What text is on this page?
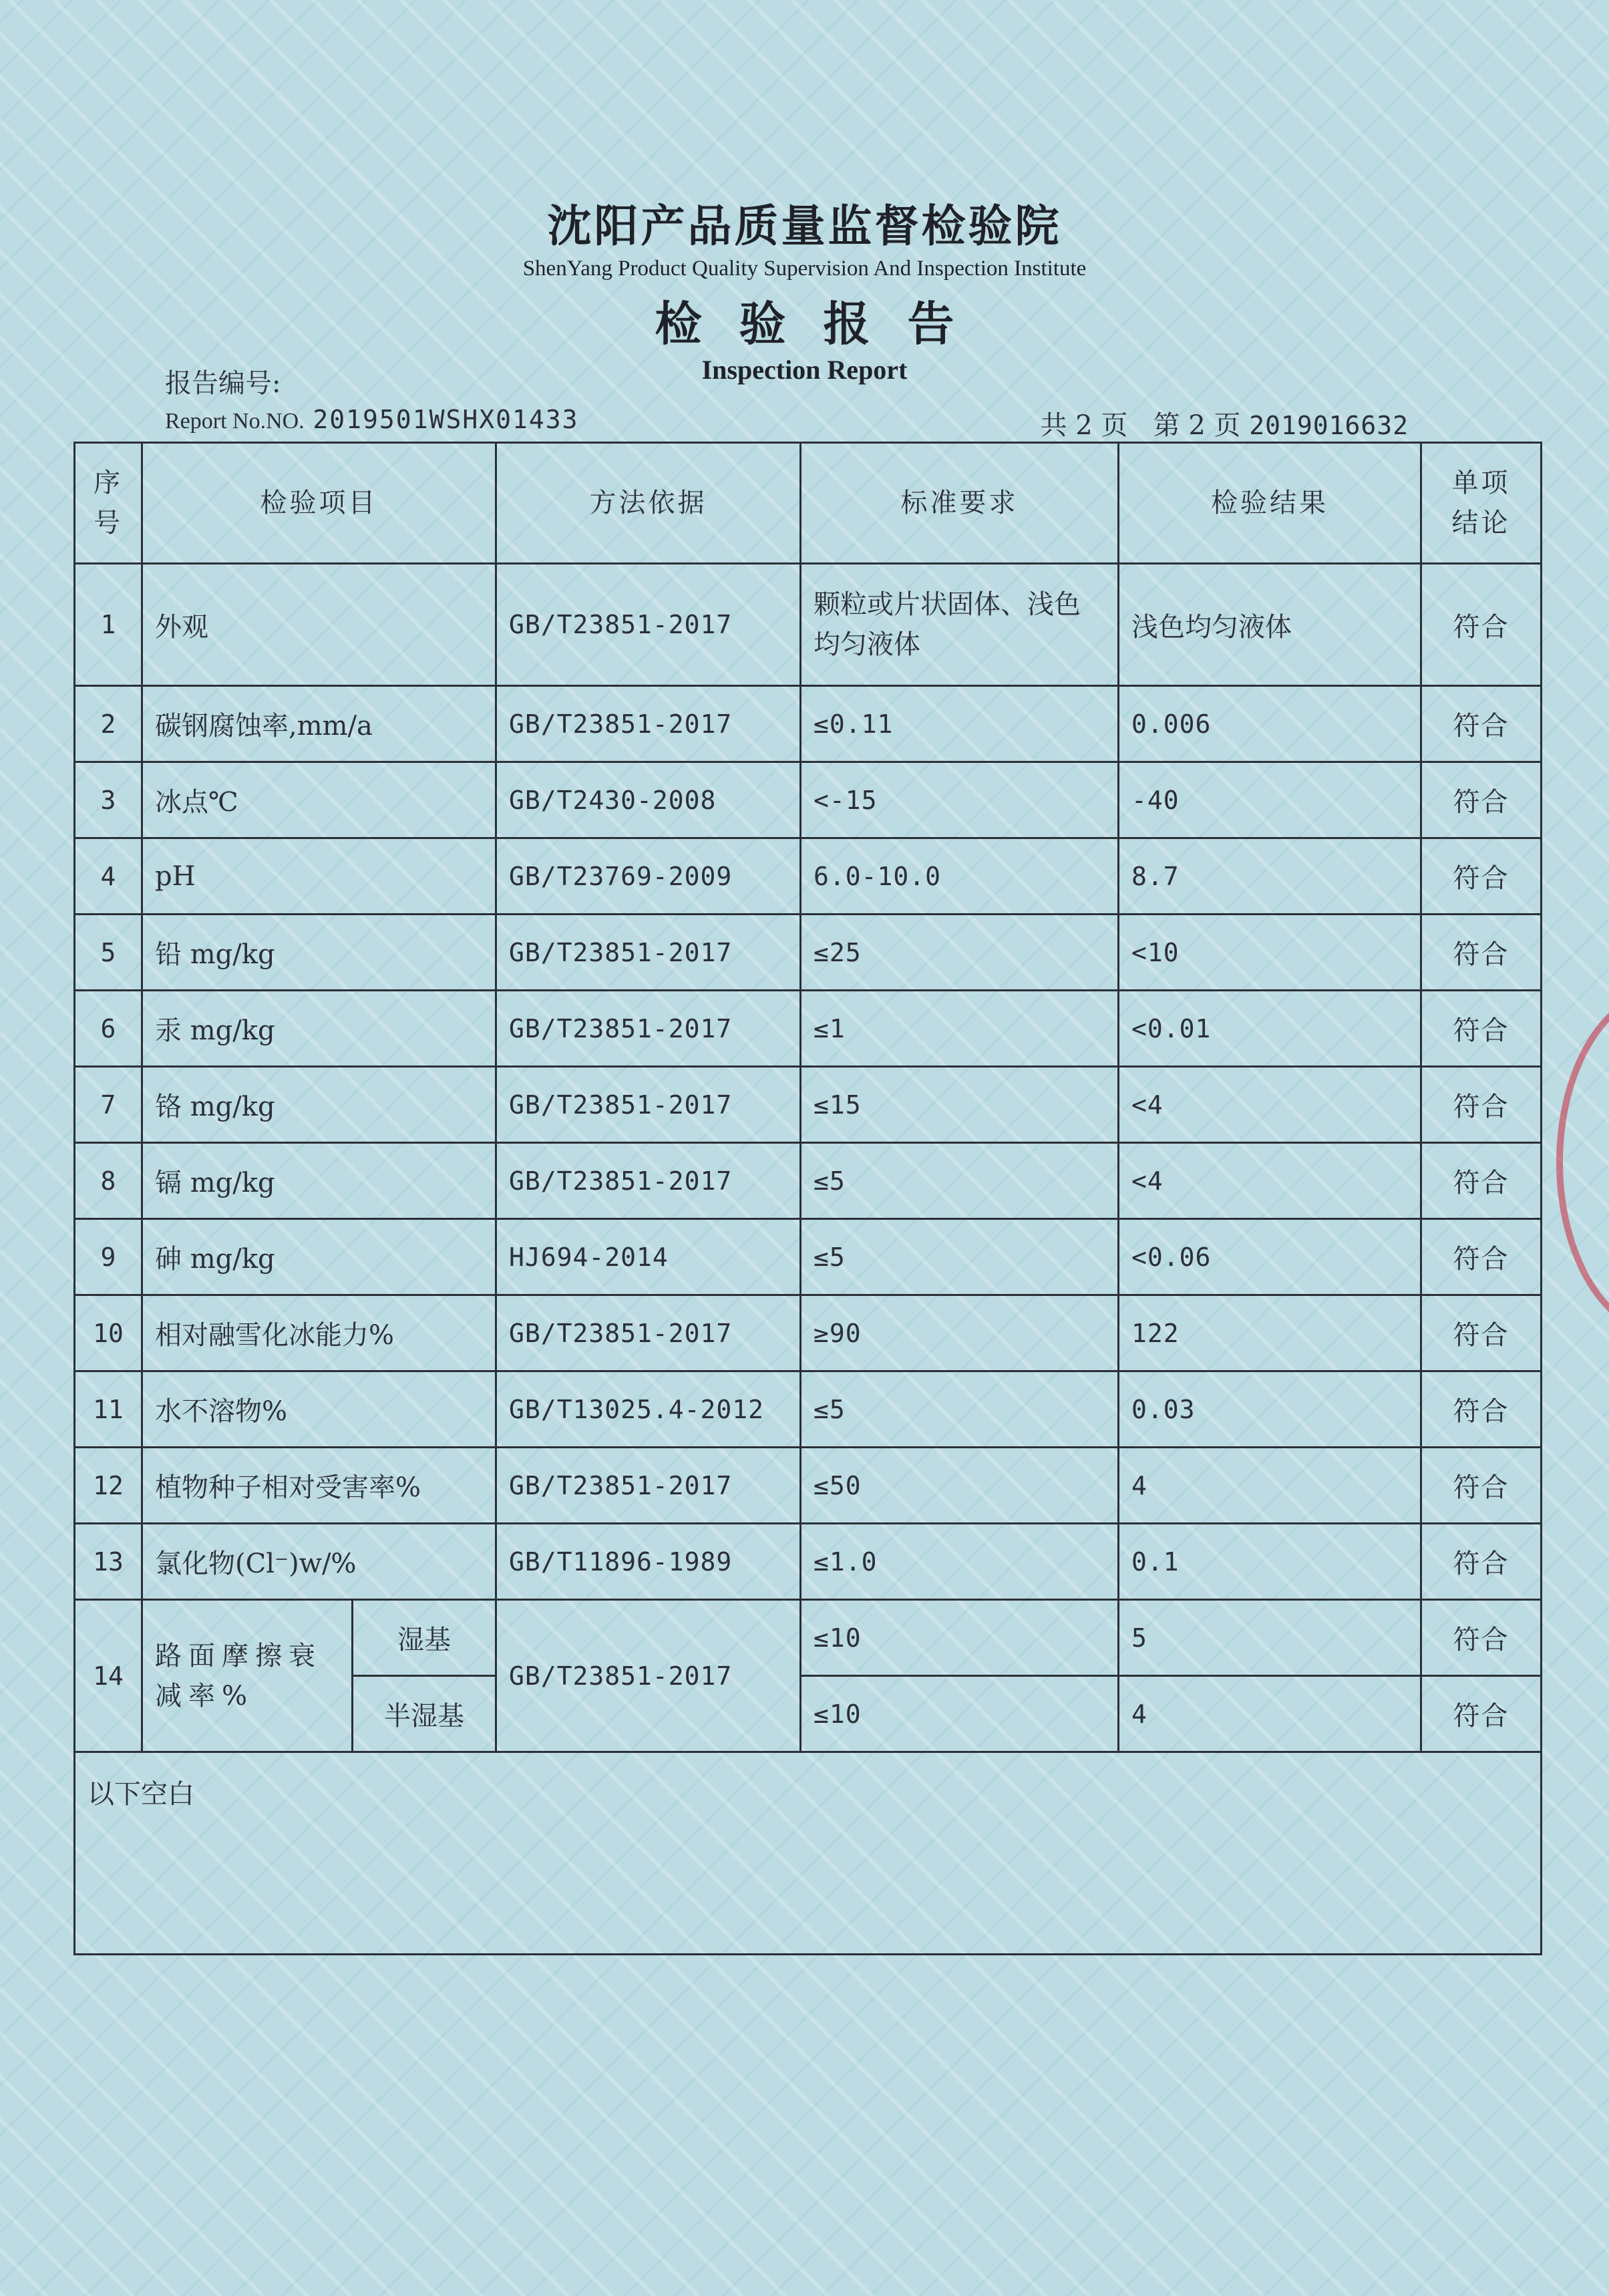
沈阳产品质量监督检验院
ShenYang Product Quality Supervision And Inspection Institute
检验报告
Inspection Report
报告编号:
Report No.NO. 2019501WSHX01433	共 2 页 第 2 页 2019016632
序号	检验项目		方法依据	标准要求	检验结果	单项结论
1	外观		GB/T23851-2017	颗粒或片状固体、浅色均匀液体	浅色均匀液体	符合
2	碳钢腐蚀率,mm/a		GB/T23851-2017	≤0.11	0.006	符合
3	冰点℃		GB/T2430-2008	<-15	-40	符合
4	pH		GB/T23769-2009	6.0-10.0	8.7	符合
5	铅 mg/kg		GB/T23851-2017	≤25	<10	符合
6	汞 mg/kg		GB/T23851-2017	≤1	<0.01	符合
7	铬 mg/kg		GB/T23851-2017	≤15	<4	符合
8	镉 mg/kg		GB/T23851-2017	≤5	<4	符合
9	砷 mg/kg		HJ694-2014	≤5	<0.06	符合
10	相对融雪化冰能力%		GB/T23851-2017	≥90	122	符合
11	水不溶物%		GB/T13025.4-2012	≤5	0.03	符合
12	植物种子相对受害率%		GB/T23851-2017	≤50	4	符合
13	氯化物(Cl⁻)w/%		GB/T11896-1989	≤1.0	0.1	符合
14	路面摩擦衰减率%	湿基	GB/T23851-2017	≤10	5	符合
		半湿基		≤10	4	符合
以下空白						
